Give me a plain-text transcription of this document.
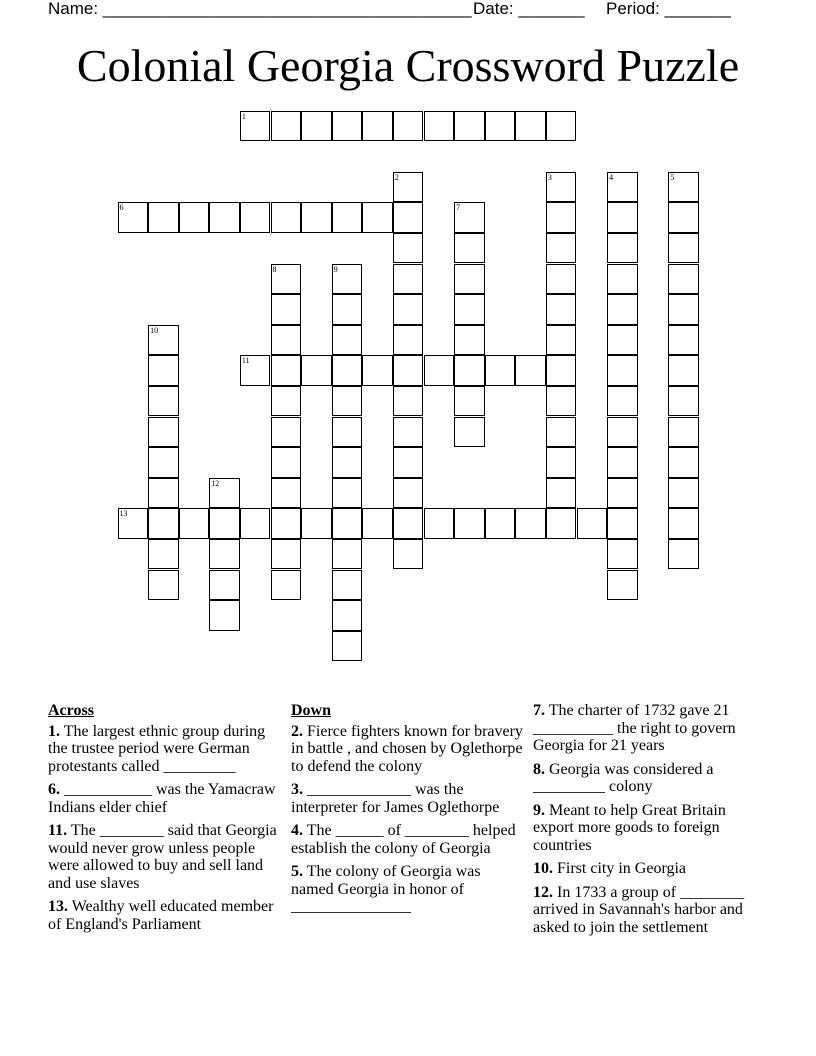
Name: _______________________________________ Date: _______ Period: _______
Colonial Georgia Crossword Puzzle
1
6
11
13
2	3	4	5
7
8	9
10
12
Across
1. The largest ethnic group during the trustee period were German protestants called _________
6. ___________ was the Yamacraw Indians elder chief
11. The ________ said that Georgia would never grow unless people were allowed to buy and sell land and use slaves
13. Wealthy well educated member of England's Parliament
Down
2. Fierce fighters known for bravery in battle , and chosen by Oglethorpe to defend the colony
3. _____________ was the interpreter for James Oglethorpe
4. The ______ of ________ helped establish the colony of Georgia
5. The colony of Georgia was named Georgia in honor of _______________
7. The charter of 1732 gave 21 __________ the right to govern Georgia for 21 years
8. Georgia was considered a _________ colony
9. Meant to help Great Britain export more goods to foreign countries
10. First city in Georgia
12. In 1733 a group of ________ arrived in Savannah's harbor and asked to join the settlement
